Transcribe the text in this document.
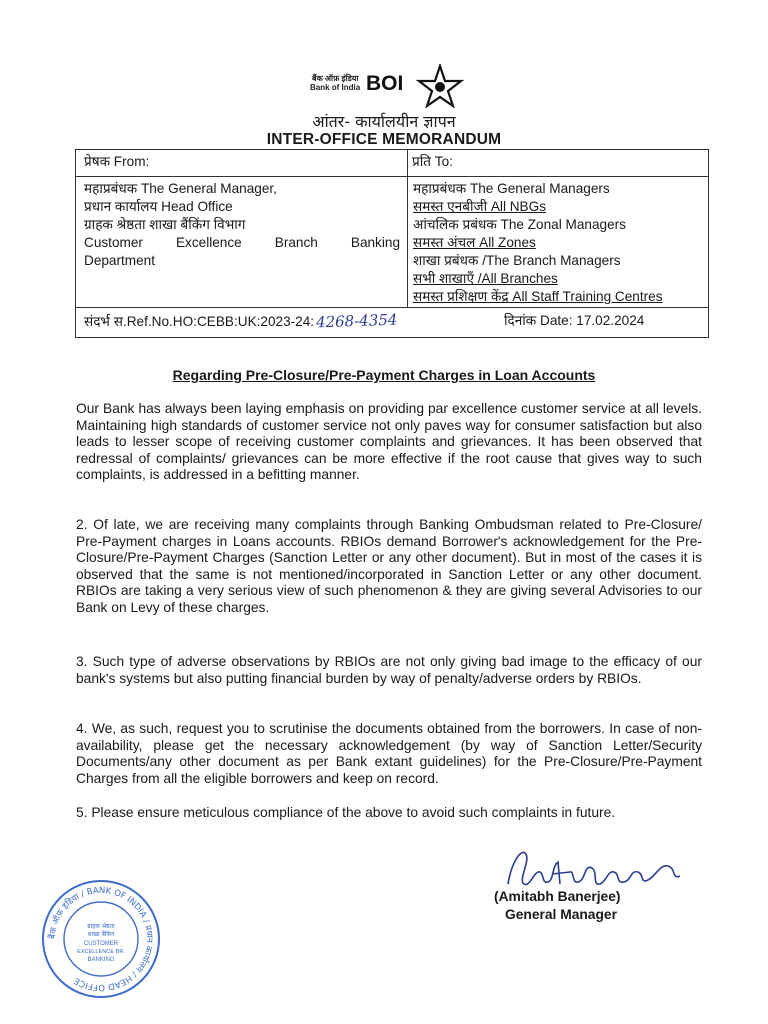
बैंक ऑफ़ इंडिया
Bank of India BOI
आंतर- कार्यालयीन ज्ञापन
INTER-OFFICE MEMORANDUM
प्रेषक From:	प्रति To:
महाप्रबंधक The General Manager,
प्रधान कार्यालय Head Office
ग्राहक श्रेष्ठता शाखा बैंकिंग विभाग
Customer Excellence Branch Banking
Department
महाप्रबंधक The General Managers
समस्त एनबीजी All NBGs
आंचलिक प्रबंधक The Zonal Managers
समस्त अंचल All Zones
शाखा प्रबंधक /The Branch Managers
सभी शाखाएँ /All Branches
समस्त प्रशिक्षण केंद्र All Staff Training Centres
संदर्भ स.Ref.No.HO:CEBB:UK:2023-24: 4268-4354	दिनांक Date: 17.02.2024
Regarding Pre-Closure/Pre-Payment Charges in Loan Accounts
Our Bank has always been laying emphasis on providing par excellence customer service at all levels. Maintaining high standards of customer service not only paves way for consumer satisfaction but also leads to lesser scope of receiving customer complaints and grievances. It has been observed that redressal of complaints/ grievances can be more effective if the root cause that gives way to such complaints, is addressed in a befitting manner.
2. Of late, we are receiving many complaints through Banking Ombudsman related to Pre-Closure/ Pre-Payment charges in Loans accounts. RBIOs demand Borrower's acknowledgement for the Pre-Closure/Pre-Payment Charges (Sanction Letter or any other document). But in most of the cases it is observed that the same is not mentioned/incorporated in Sanction Letter or any other document. RBIOs are taking a very serious view of such phenomenon & they are giving several Advisories to our Bank on Levy of these charges.
3. Such type of adverse observations by RBIOs are not only giving bad image to the efficacy of our bank's systems but also putting financial burden by way of penalty/adverse orders by RBIOs.
4. We, as such, request you to scrutinise the documents obtained from the borrowers. In case of non-availability, please get the necessary acknowledgement (by way of Sanction Letter/Security Documents/any other document as per Bank extant guidelines) for the Pre-Closure/Pre-Payment Charges from all the eligible borrowers and keep on record.
5. Please ensure meticulous compliance of the above to avoid such complaints in future.
(Amitabh Banerjee)
General Manager
बैंक ऑफ़ इंडिया / BANK OF INDIA / प्रधान कार्यालय / HEAD OFFICE
ग्राहक श्रेष्ठता
शाखा बैंकिंग
CUSTOMER
EXCELLENCE BR.
BANKING
